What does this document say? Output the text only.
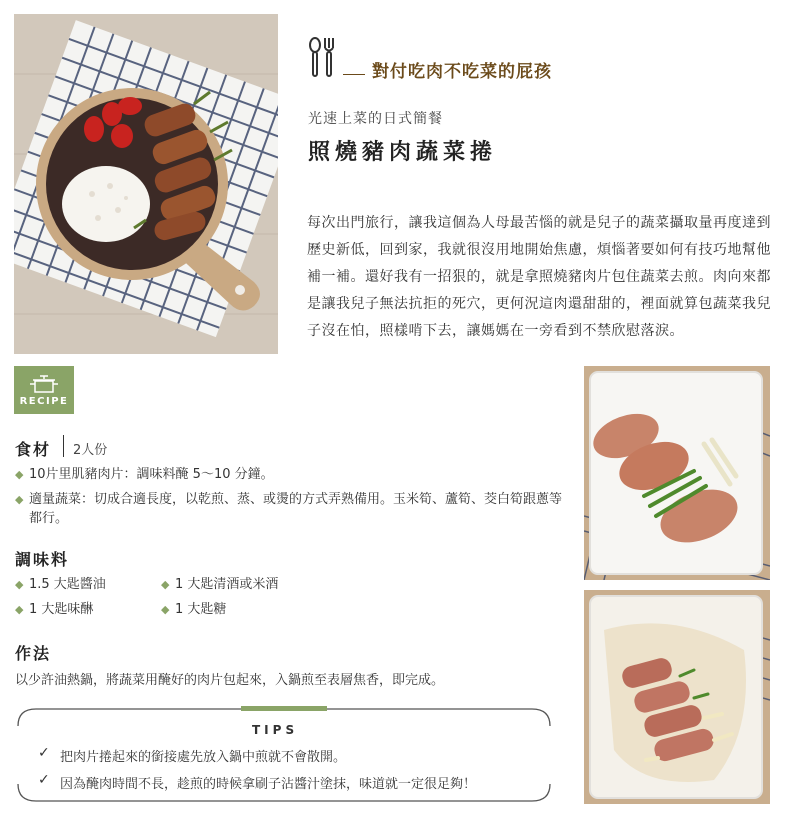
對付吃肉不吃菜的屁孩
光速上菜的日式簡餐
照燒豬肉蔬菜捲
每次出門旅行，讓我這個為人母最苦惱的就是兒子的蔬菜攝取量再度達到歷史新低，回到家，我就很沒用地開始焦慮，煩惱著要如何有技巧地幫他補一補。還好我有一招狠的，就是拿照燒豬肉片包住蔬菜去煎。肉向來都是讓我兒子無法抗拒的死穴，更何況這肉還甜甜的，裡面就算包蔬菜我兒子沒在怕，照樣啃下去，讓媽媽在一旁看到不禁欣慰落淚。
RECIPE
食材 2人份
◆ 10片里肌豬肉片：調味料醃 5～10 分鐘。
◆ 適量蔬菜：切成合適長度，以乾煎、蒸、或燙的方式弄熟備用。玉米筍、蘆筍、茭白筍跟蔥等都行。
調味料
◆ 1.5 大匙醬油	◆ 1 大匙清酒或米酒
◆ 1 大匙味醂	◆ 1 大匙糖
作法
以少許油熱鍋，將蔬菜用醃好的肉片包起來，入鍋煎至表層焦香，即完成。
TIPS
✓ 把肉片捲起來的銜接處先放入鍋中煎就不會散開。
✓ 因為醃肉時間不長，趁煎的時候拿刷子沾醬汁塗抹，味道就一定很足夠！
